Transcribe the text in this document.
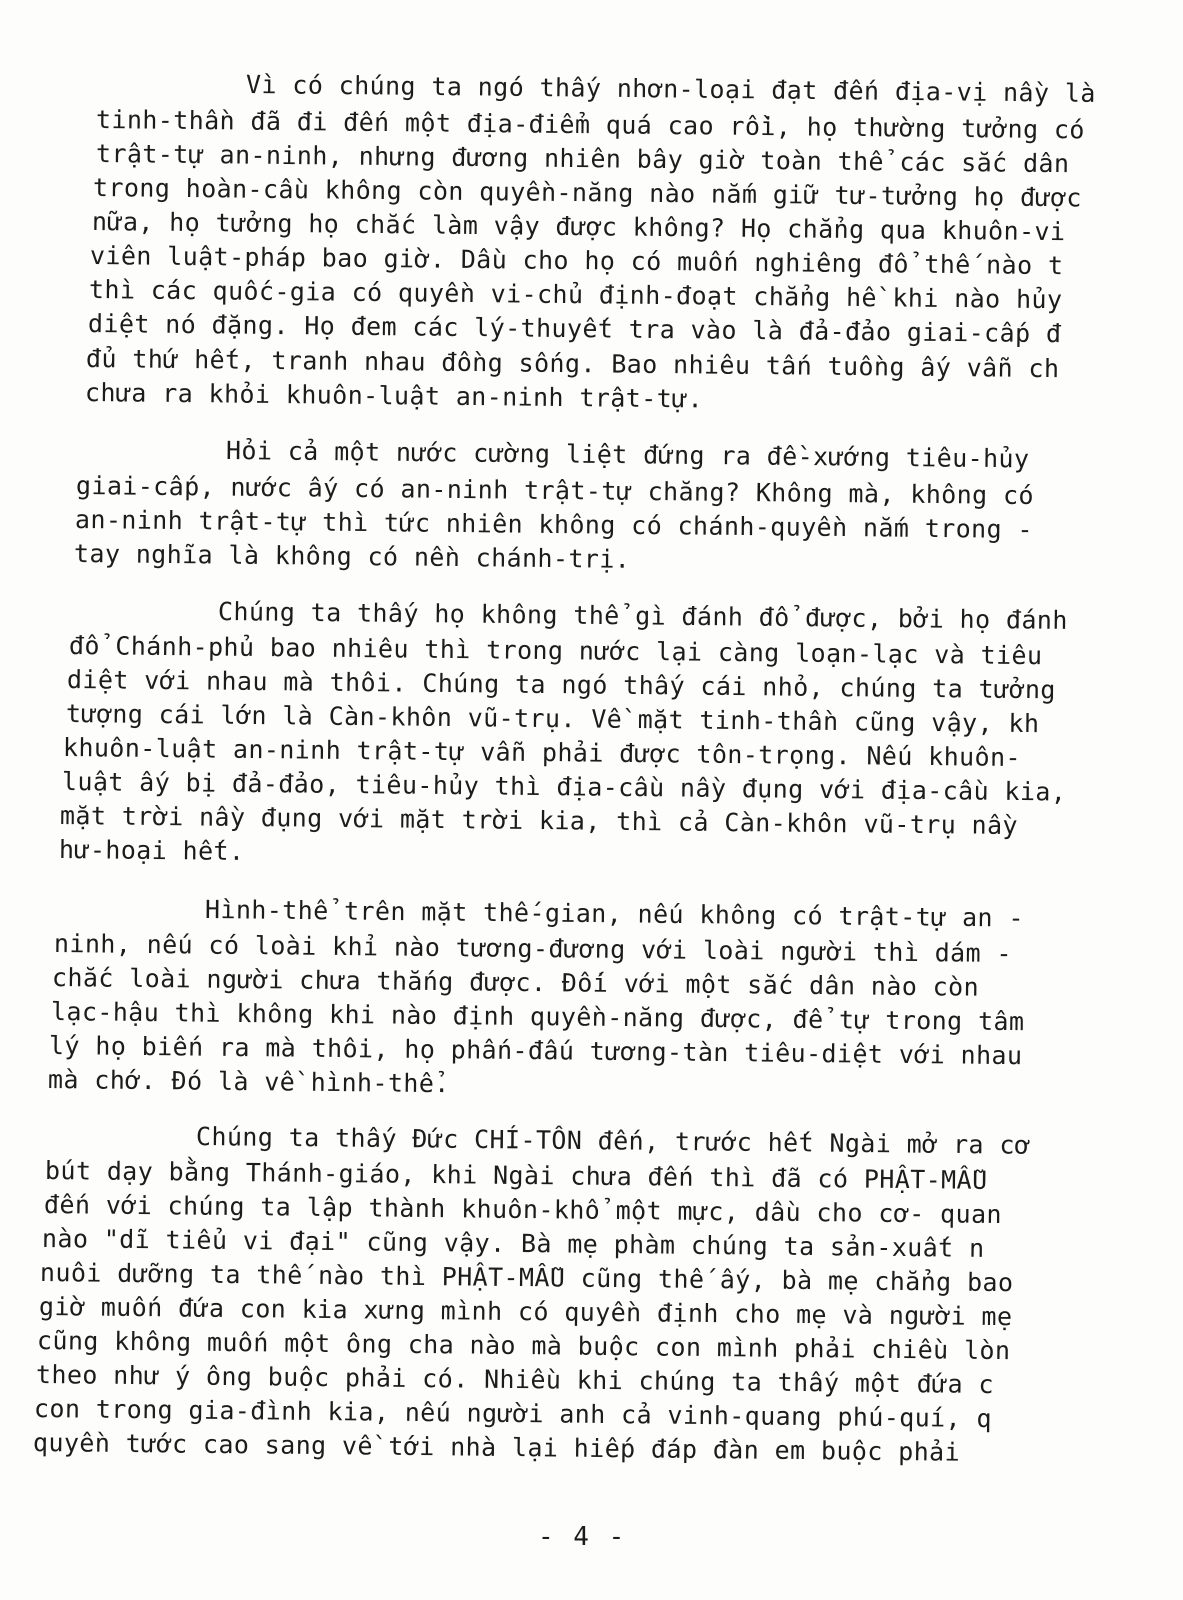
Vì có chúng ta ngó thấy nhơn-loại đạt đến địa-vị nầy là
tinh-thần đã đi đến một địa-điểm quá cao rồi, họ thường tưởng có
trật-tự an-ninh, nhưng đương nhiên bây giờ toàn thể các sắc dân
trong hoàn-cầu không còn quyền-năng nào nắm giữ tư-tưởng họ được
nữa, họ tưởng họ chắc làm vậy được không? Họ chẳng qua khuôn-vi
viên luật-pháp bao giờ. Dầu cho họ có muốn nghiêng đổ thế nào t
thì các quốc-gia có quyền vi-chủ định-đoạt chẳng hề khi nào hủy
diệt nó đặng. Họ đem các lý-thuyết tra vào là đả-đảo giai-cấp đ
đủ thứ hết, tranh nhau đồng sống. Bao nhiêu tấn tuồng ấy vẫn ch
chưa ra khỏi khuôn-luật an-ninh trật-tự.
Hỏi cả một nước cường liệt đứng ra đề-xướng tiêu-hủy
giai-cấp, nước ấy có an-ninh trật-tự chăng? Không mà, không có
an-ninh trật-tự thì tức nhiên không có chánh-quyền nắm trong -
tay nghĩa là không có nền chánh-trị.
Chúng ta thấy họ không thể gì đánh đổ được, bởi họ đánh
đổ Chánh-phủ bao nhiêu thì trong nước lại càng loạn-lạc và tiêu
diệt với nhau mà thôi. Chúng ta ngó thấy cái nhỏ, chúng ta tưởng
tượng cái lớn là Càn-khôn vũ-trụ. Về mặt tinh-thần cũng vậy, kh
khuôn-luật an-ninh trật-tự vẫn phải được tôn-trọng. Nếu khuôn-
luật ấy bị đả-đảo, tiêu-hủy thì địa-cầu nầy đụng với địa-cầu kia,
mặt trời nầy đụng với mặt trời kia, thì cả Càn-khôn vũ-trụ nầy
hư-hoại hết.
Hình-thể trên mặt thế-gian, nếu không có trật-tự an -
ninh, nếu có loài khỉ nào tương-đương với loài người thì dám -
chắc loài người chưa thắng được. Đối với một sắc dân nào còn
lạc-hậu thì không khi nào định quyền-năng được, để tự trong tâm
lý họ biến ra mà thôi, họ phấn-đấu tương-tàn tiêu-diệt với nhau
mà chớ. Đó là về hình-thể.
Chúng ta thấy Đức CHÍ-TÔN đến, trước hết Ngài mở ra cơ
bút dạy bằng Thánh-giáo, khi Ngài chưa đến thì đã có PHẬT-MẪU
đến với chúng ta lập thành khuôn-khổ một mực, dầu cho cơ- quan
nào "dĩ tiểu vi đại" cũng vậy. Bà mẹ phàm chúng ta sản-xuất n
nuôi dưỡng ta thế nào thì PHẬT-MẪU cũng thế ấy, bà mẹ chẳng bao
giờ muốn đứa con kia xưng mình có quyền định cho mẹ và người mẹ
cũng không muốn một ông cha nào mà buộc con mình phải chiều lòn
theo như ý ông buộc phải có. Nhiều khi chúng ta thấy một đứa c
con trong gia-đình kia, nếu người anh cả vinh-quang phú-quí, q
quyền tước cao sang về tới nhà lại hiếp đáp đàn em buộc phải
- 4 -
